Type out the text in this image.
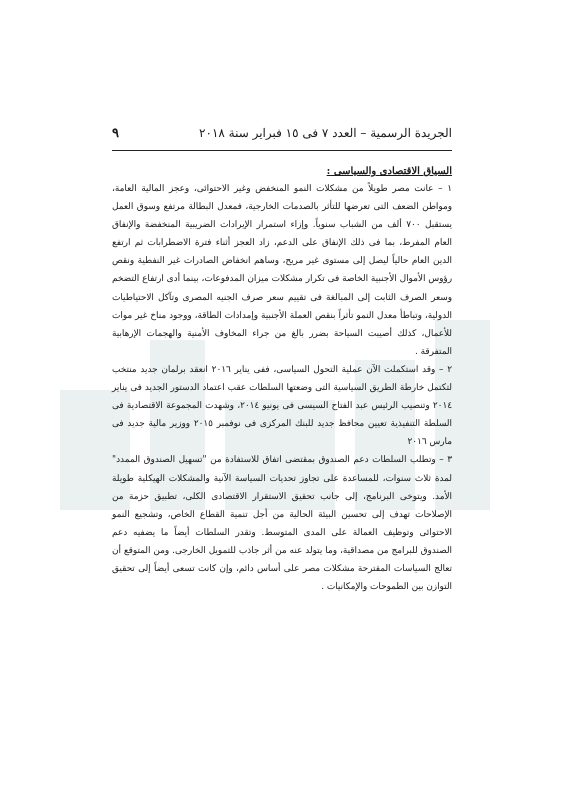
الجريدة الرسمية – العدد ٧ فى ١٥ فبراير سنة ٢٠١٨
٩
السياق الاقتصادى والسياسى :

١ – عانت مصر طويلاً من مشكلات النمو المنخفض وغير الاحتوائى، وعجز المالية العامة، ومواطن الضعف التى تعرضها للتأثر بالصدمات الخارجية، فمعدل البطالة مرتفع وسوق العمل يستقبل ٧٠٠ ألف من الشباب سنوياً. وإزاء استمرار الإيرادات الضريبية المنخفضة والإنفاق العام المفرط، بما فى ذلك الإنفاق على الدعم، زاد العجز أثناء فترة الاضطرابات ثم ارتفع الدين العام حالياً ليصل إلى مستوى غير مريح، وساهم انخفاض الصادرات غير النفطية ونقص رؤوس الأموال الأجنبية الخاصة فى تكرار مشكلات ميزان المدفوعات، بينما أدى ارتفاع التضخم وسعر الصرف الثابت إلى المبالغة فى تقييم سعر صرف الجنيه المصرى وتآكل الاحتياطيات الدولية، وتباطأ معدل النمو تأثراً بنقص العملة الأجنبية وإمدادات الطاقة، ووجود مناخ غير موات للأعمال، كذلك أصيبت السياحة بضرر بالغ من جراء المخاوف الأمنية والهجمات الإرهابية المتفرقة .

٢ – وقد استكملت الآن عملية التحول السياسى، ففى يناير ٢٠١٦ انعقد برلمان جديد منتخب لتكتمل خارطة الطريق السياسية التى وضعتها السلطات عقب اعتماد الدستور الجديد فى يناير ٢٠١٤ وتنصيب الرئيس عبد الفتاح السيسى فى يونيو ٢٠١٤، وشهدت المجموعة الاقتصادية فى السلطة التنفيذية تعيين محافظ جديد للبنك المركزى فى نوفمبر ٢٠١٥ ووزير مالية جديد فى مارس ٢٠١٦

٣ – وتطلب السلطات دعم الصندوق بمقتضى اتفاق للاستفادة من "تسهيل الصندوق الممدد" لمدة ثلاث سنوات، للمساعدة على تجاوز تحديات السياسة الآنية والمشكلات الهيكلية طويلة الأمد. ويتوخى البرنامج، إلى جانب تحقيق الاستقرار الاقتصادى الكلى، تطبيق حزمة من الإصلاحات تهدف إلى تحسين البيئة الحالية من أجل تنمية القطاع الخاص، وتشجيع النمو الاحتوائى وتوظيف العمالة على المدى المتوسط. وتقدر السلطات أيضاً ما يضفيه دعم الصندوق للبرامج من مصداقية، وما يتولد عنه من أثر جاذب للتمويل الخارجى. ومن المتوقع أن تعالج السياسات المقترحة مشكلات مصر على أساس دائم، وإن كانت تسعى أيضاً إلى تحقيق التوازن بين الطموحات والإمكانيات .
